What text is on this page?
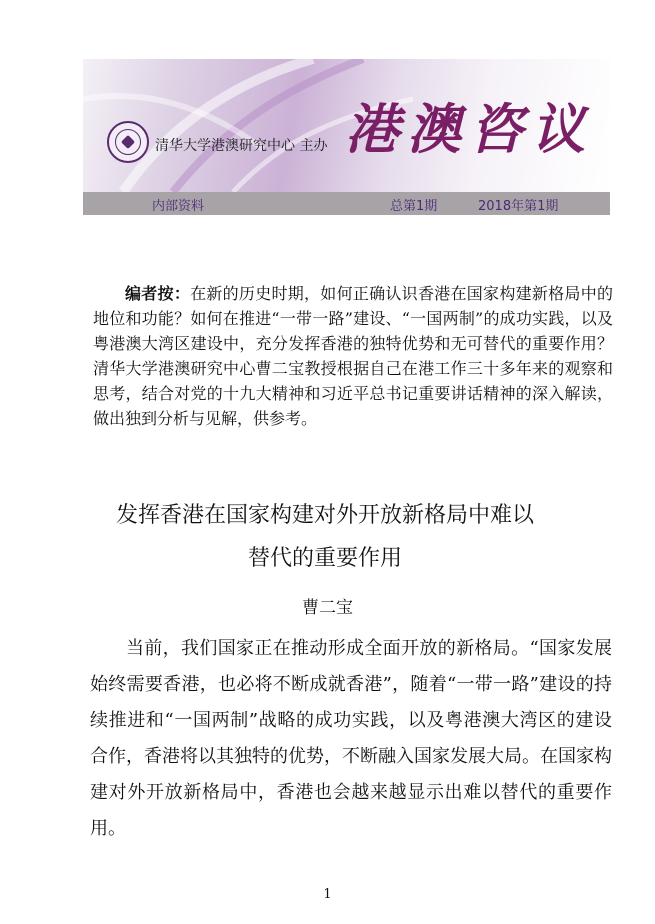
清华大学港澳研究中心 主办 港澳咨议
内部资料	总第1期	2018年第1期

编者按：在新的历史时期，如何正确认识香港在国家构建新格局中的地位和功能？如何在推进“一带一路”建设、“一国两制”的成功实践，以及粤港澳大湾区建设中，充分发挥香港的独特优势和无可替代的重要作用？清华大学港澳研究中心曹二宝教授根据自己在港工作三十多年来的观察和思考，结合对党的十九大精神和习近平总书记重要讲话精神的深入解读，做出独到分析与见解，供参考。

发挥香港在国家构建对外开放新格局中难以
替代的重要作用
曹二宝

当前，我们国家正在推动形成全面开放的新格局。“国家发展始终需要香港，也必将不断成就香港”，随着“一带一路”建设的持续推进和“一国两制”战略的成功实践，以及粤港澳大湾区的建设合作，香港将以其独特的优势，不断融入国家发展大局。在国家构建对外开放新格局中，香港也会越来越显示出难以替代的重要作用。

1
